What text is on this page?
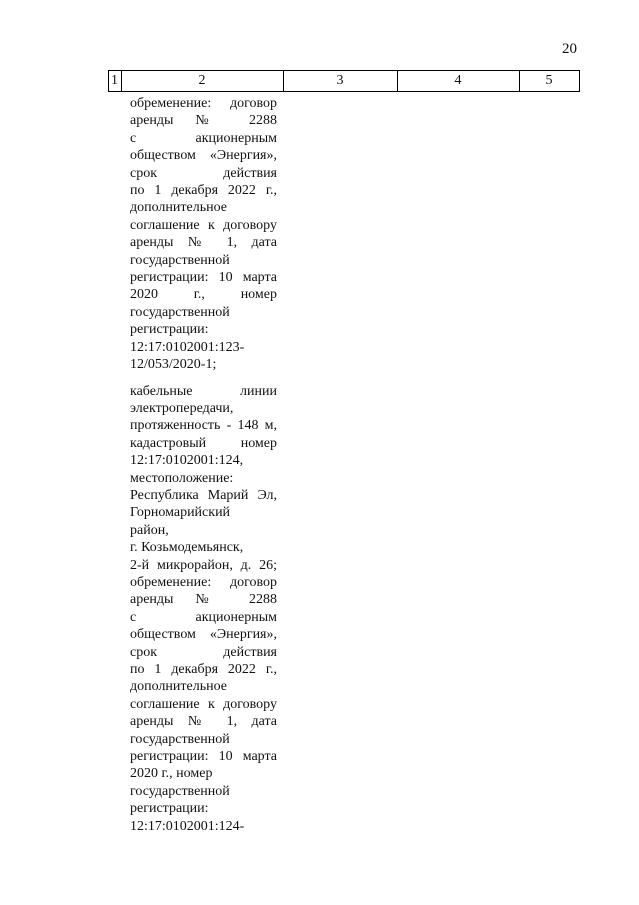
20
1	2	3	4	5

обременение: договор

аренды № 2288

с акционерным

обществом «Энергия»,

срок действия

по 1 декабря 2022 г.,

дополнительное

соглашение к договору

аренды № 1, дата

государственной

регистрации: 10 марта

2020 г., номер

государственной

регистрации:

12:17:0102001:123-

12/053/2020-1;

кабельные линии

электропередачи,

протяженность - 148 м,

кадастровый номер

12:17:0102001:124,

местоположение:

Республика Марий Эл,

Горномарийский

район,

г. Козьмодемьянск,

2-й микрорайон, д. 26;

обременение: договор

аренды № 2288

с акционерным

обществом «Энергия»,

срок действия

по 1 декабря 2022 г.,

дополнительное

соглашение к договору

аренды № 1, дата

государственной

регистрации: 10 марта

2020 г., номер

государственной

регистрации:

12:17:0102001:124-
